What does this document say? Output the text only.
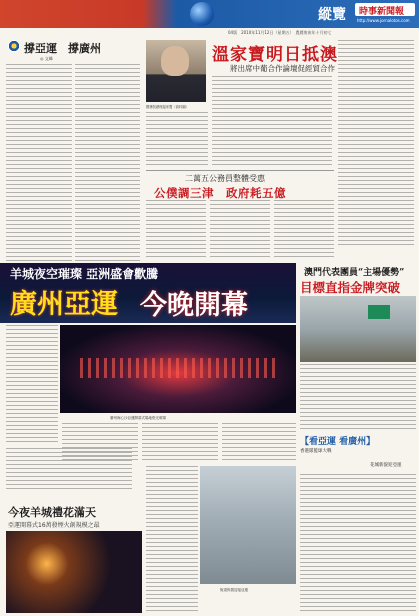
縱覽 時事新聞報
http://www.jornalotos.com
04版　2010年11月12日（星期五）　農曆庚寅年十月初七
撐亞運　撐廣州
◎ 文峰
國務院總理溫家寶（資料圖）
溫家寶明日抵澳
將出席中葡合作論壇促經貿合作
二萬五公務員整體受惠
公僕調三津　政府耗五億
羊城夜空璀璨 亞洲盛會歡騰
廣州亞運 今晚開幕
澳門代表團員“主場優勢”
目標直指金牌突破
廣州海心沙亞運開幕式場地燈光璀璨
今夜羊城禮花滿天
亞運開幕式16萬發煙火創規模之最
街道佈置迎接亞運
【看亞運 看廣州】
香港隊籃球大戰
花城新貌迎亞運
